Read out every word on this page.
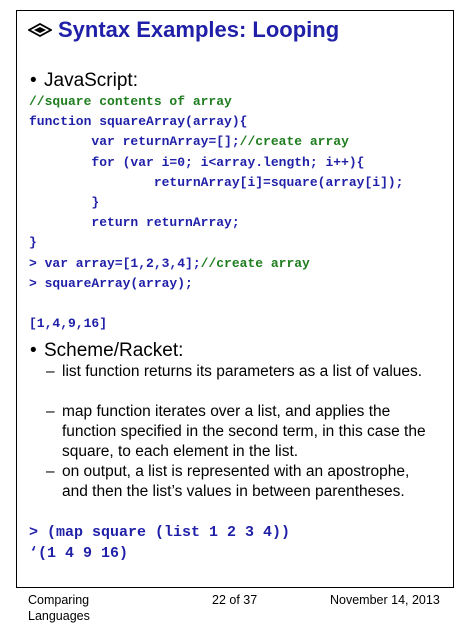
Syntax Examples: Looping
• JavaScript:
//square contents of array
function squareArray(array){
var returnArray=[];//create array
for (var i=0; i<array.length; i++){
returnArray[i]=square(array[i]);
}
return returnArray;
}
> var array=[1,2,3,4];//create array
> squareArray(array);
[1,4,9,16]
• Scheme/Racket:
– list function returns its parameters as a list of values.
– map function iterates over a list, and applies the function specified in the second term, in this case the square, to each element in the list.
– on output, a list is represented with an apostrophe, and then the list’s values in between parentheses.
> (map square (list 1 2 3 4))
‘(1 4 9 16)
Comparing
Languages
22 of 37	November 14, 2013
